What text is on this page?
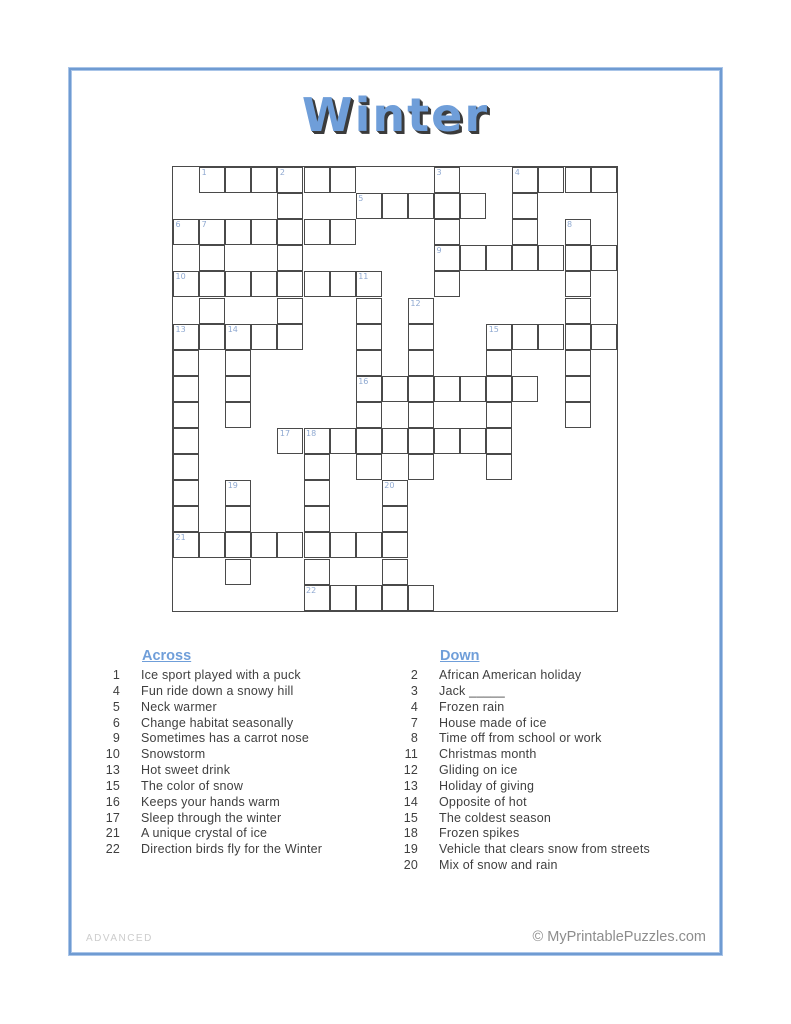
Winter
1	2	3	4
5
6	7	8
9
10	11
12
13	14	15
16
17 18
19	20
21
22
Across
1 Ice sport played with a puck
4 Fun ride down a snowy hill
5 Neck warmer
6 Change habitat seasonally
9 Sometimes has a carrot nose
10 Snowstorm
13 Hot sweet drink
15 The color of snow
16 Keeps your hands warm
17 Sleep through the winter
21 A unique crystal of ice
22 Direction birds fly for the Winter
Down
2 African American holiday
3 Jack _____
4 Frozen rain
7 House made of ice
8 Time off from school or work
11 Christmas month
12 Gliding on ice
13 Holiday of giving
14 Opposite of hot
15 The coldest season
18 Frozen spikes
19 Vehicle that clears snow from streets
20 Mix of snow and rain
ADVANCED	© MyPrintablePuzzles.com
